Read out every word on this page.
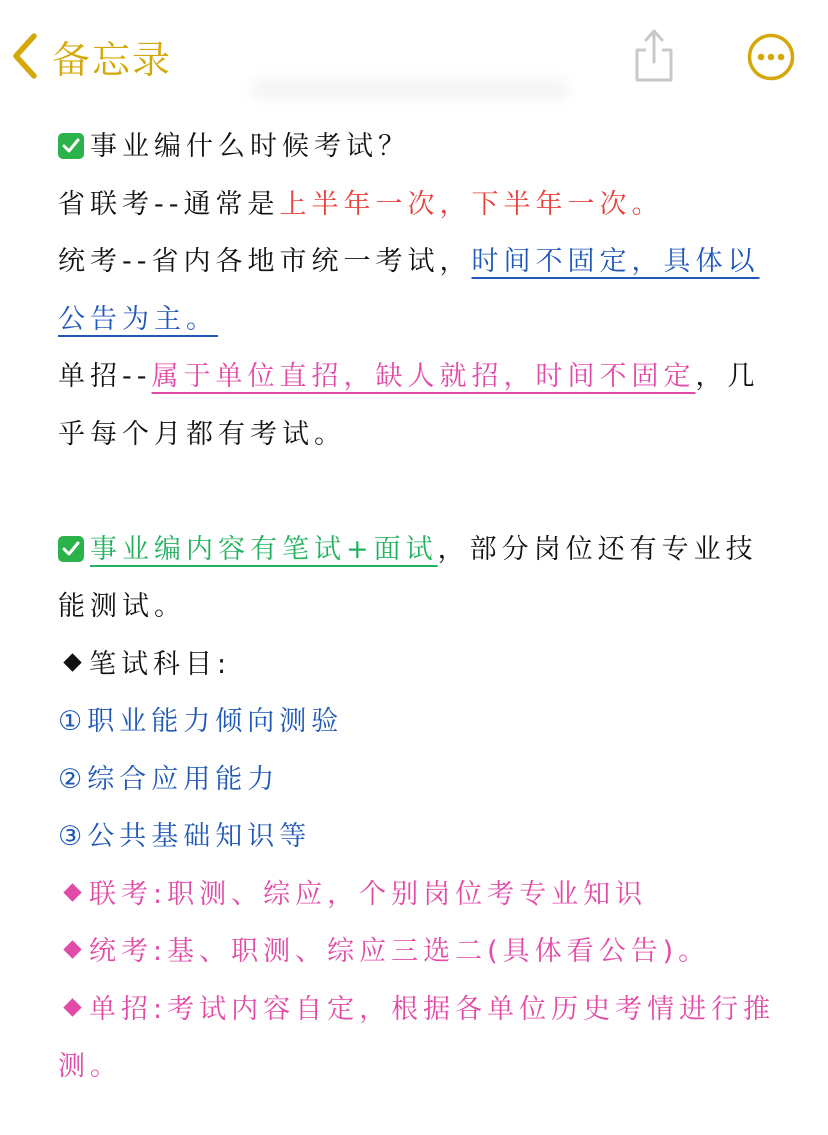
备忘录
事业编什么时候考试？
省联考--通常是上半年一次，下半年一次。
统考--省内各地市统一考试，时间不固定，具体以
公告为主。
单招--属于单位直招，缺人就招，时间不固定，几
乎每个月都有考试。
事业编内容有笔试+面试，部分岗位还有专业技
能测试。
笔试科目:
①职业能力倾向测验
②综合应用能力
③公共基础知识等
联考:职测、综应，个别岗位考专业知识
统考:基、职测、综应三选二(具体看公告)。
单招:考试内容自定，根据各单位历史考情进行推
测。
